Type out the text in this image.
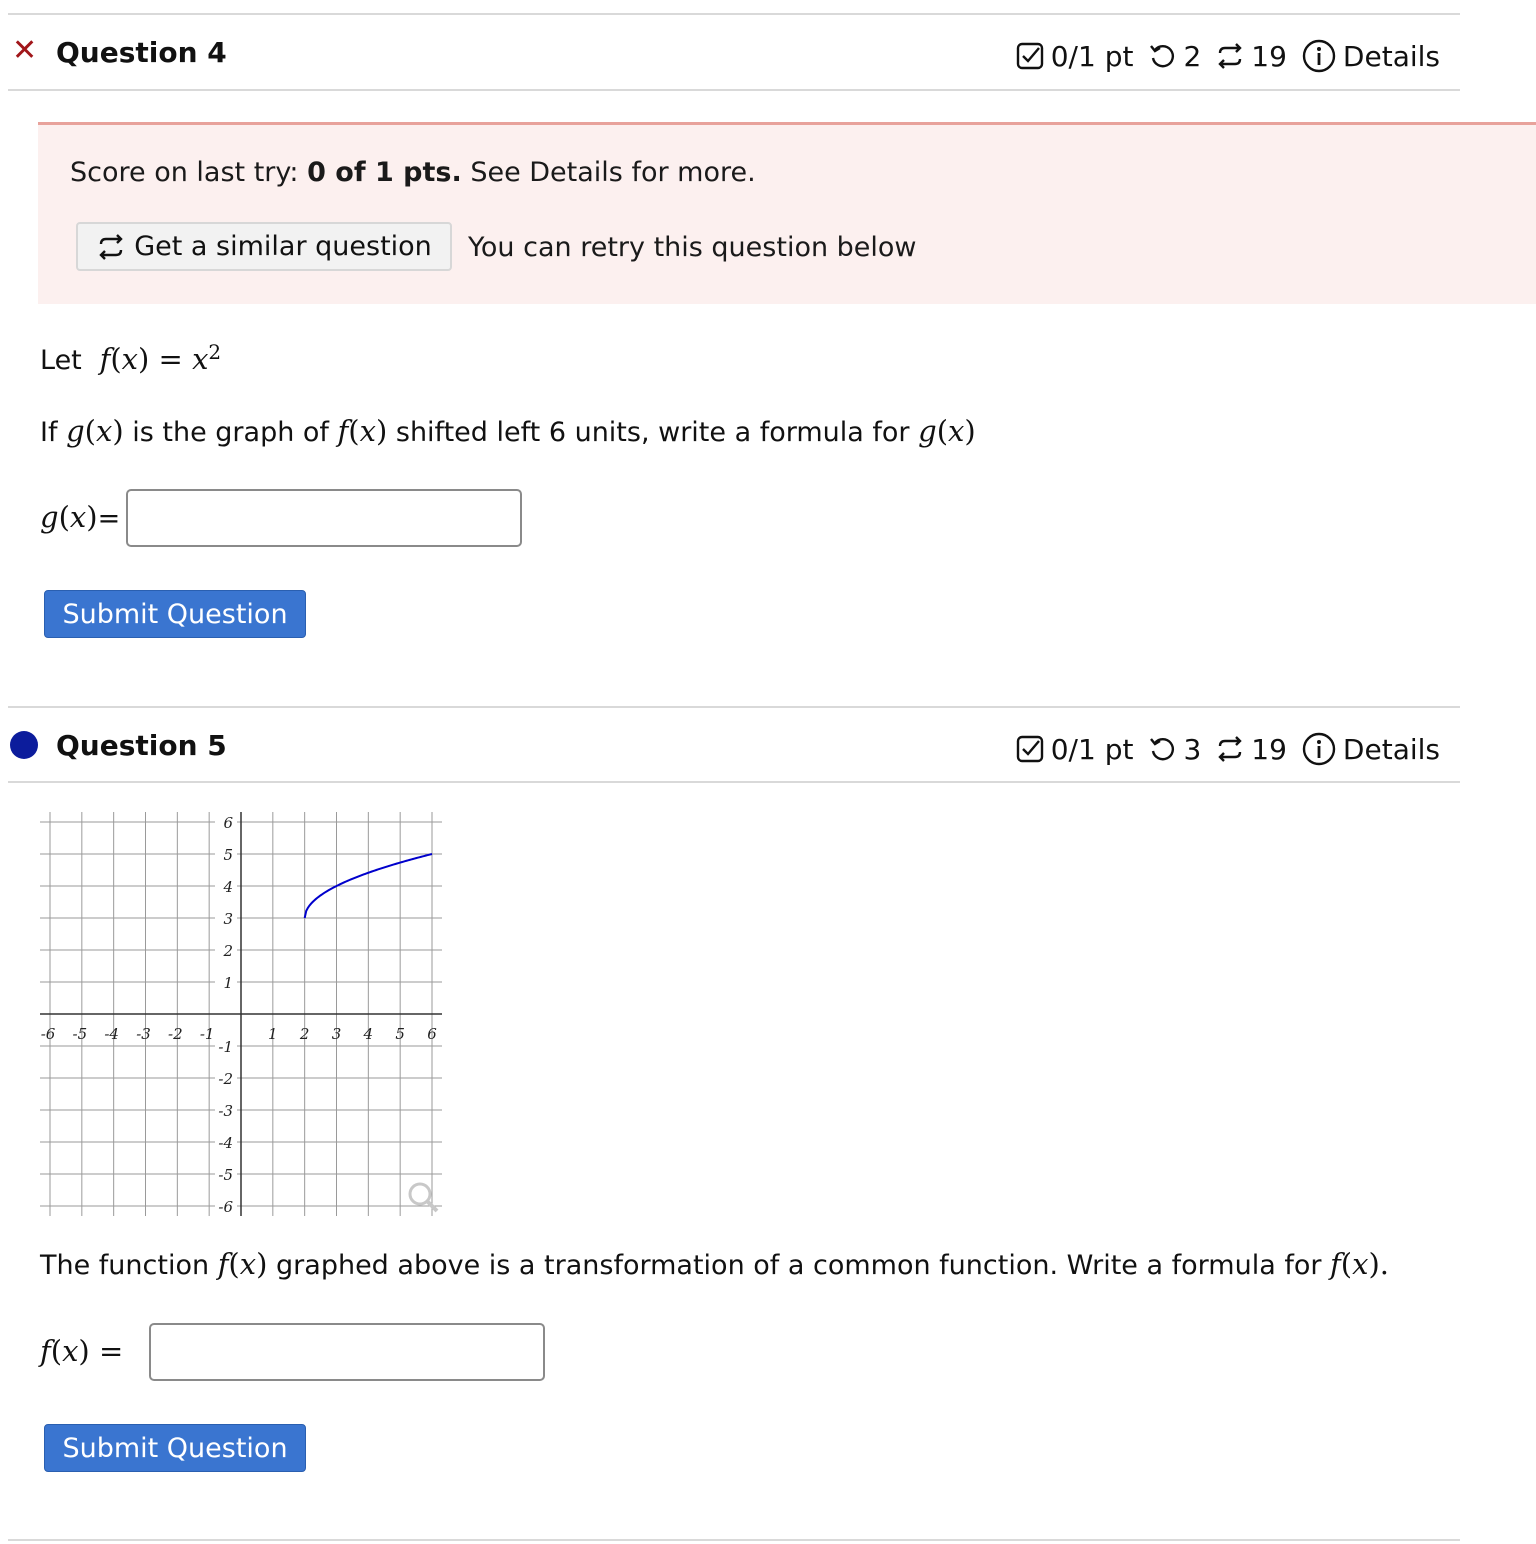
✕ Question 4	0/1 pt 2 19 Details
Score on last try: 0 of 1 pts. See Details for more.
Get a similar question You can retry this question below
Let  $f(x) = x^2$
If g(x) is the graph of f(x) shifted left 6 units, write a formula for g(x)
g(x)=
Submit Question
Question 5	0/1 pt 3 19 Details
-6 -5 -4 -3 -2 -1	1 2 3 4 5 6
6
5
4
3
2
1
-1
-2
-3
-4
-5
-6
The function f(x) graphed above is a transformation of a common function. Write a formula for f(x).
f(x) =
Submit Question
